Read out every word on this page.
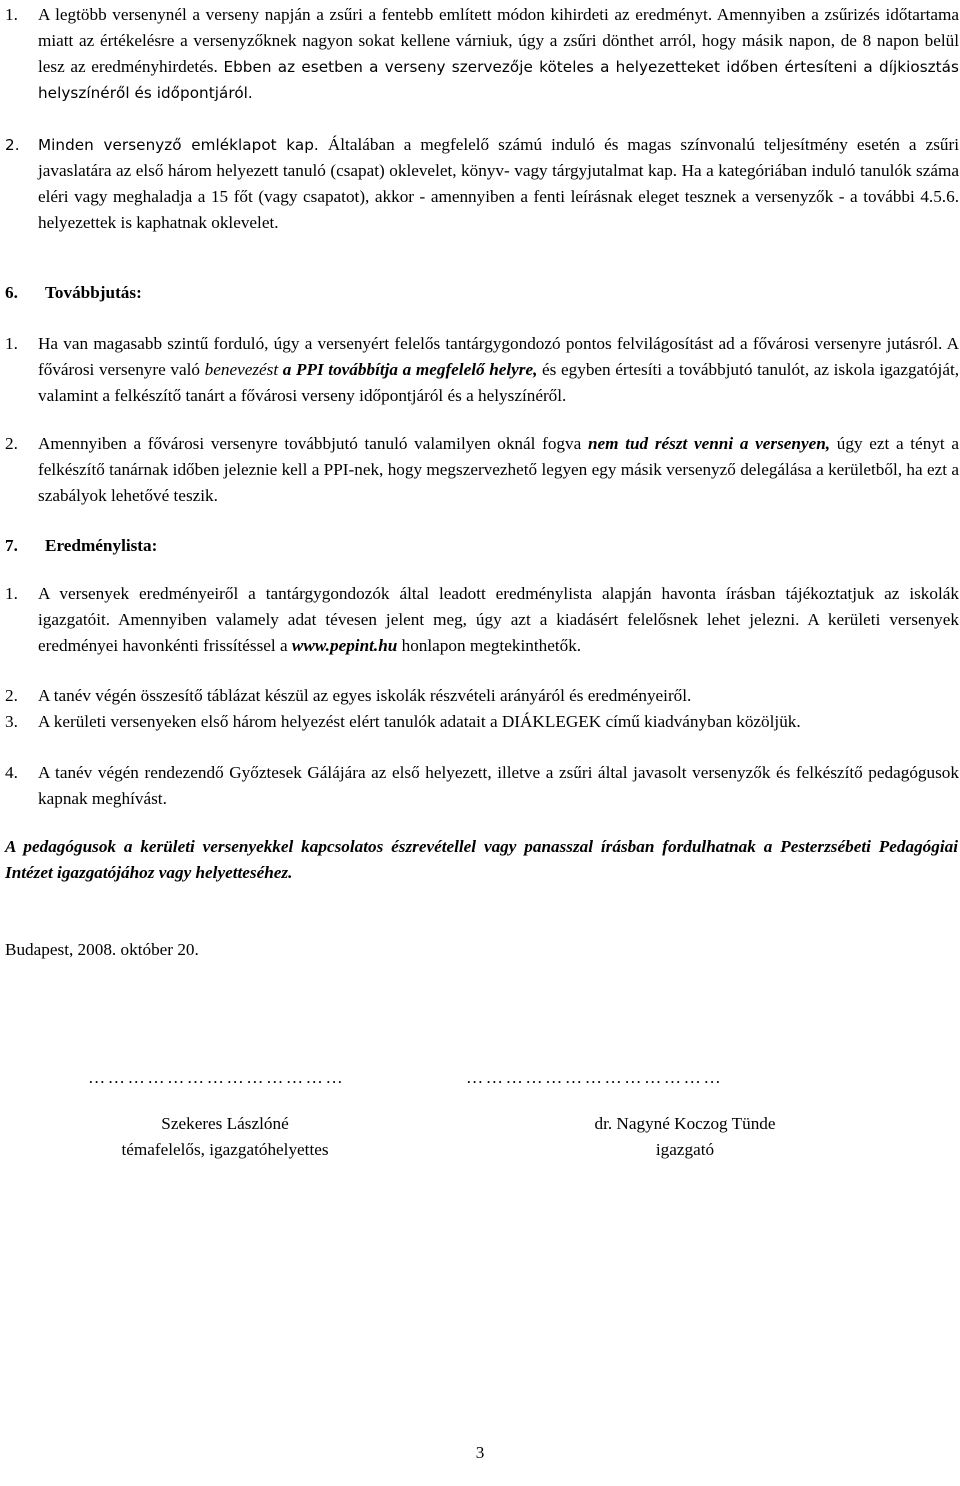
1. A legtöbb versenynél a verseny napján a zsűri a fentebb említett módon kihirdeti az eredményt. Amennyiben a zsűrizés időtartama miatt az értékelésre a versenyzőknek nagyon sokat kellene várniuk, úgy a zsűri dönthet arról, hogy másik napon, de 8 napon belül lesz az eredményhirdetés. Ebben az esetben a verseny szervezője köteles a helyezetteket időben értesíteni a díjkiosztás helyszínéről és időpontjáról.
2. Minden versenyző emléklapot kap. Általában a megfelelő számú induló és magas színvonalú teljesítmény esetén a zsűri javaslatára az első három helyezett tanuló (csapat) oklevelet, könyv- vagy tárgyjutalmat kap. Ha a kategóriában induló tanulók száma eléri vagy meghaladja a 15 főt (vagy csapatot), akkor - amennyiben a fenti leírásnak eleget tesznek a versenyzők - a további 4.5.6. helyezettek is kaphatnak oklevelet.
6. Továbbjutás:
1. Ha van magasabb szintű forduló, úgy a versenyért felelős tantárgygondozó pontos felvilágosítást ad a fővárosi versenyre jutásról. A fővárosi versenyre való benevezést a PPI továbbítja a megfelelő helyre, és egyben értesíti a továbbjutó tanulót, az iskola igazgatóját, valamint a felkészítő tanárt a fővárosi verseny időpontjáról és a helyszínéről.
2. Amennyiben a fővárosi versenyre továbbjutó tanuló valamilyen oknál fogva nem tud részt venni a versenyen, úgy ezt a tényt a felkészítő tanárnak időben jeleznie kell a PPI-nek, hogy megszervezhető legyen egy másik versenyző delegálása a kerületből, ha ezt a szabályok lehetővé teszik.
7. Eredménylista:
1. A versenyek eredményeiről a tantárgygondozók által leadott eredménylista alapján havonta írásban tájékoztatjuk az iskolák igazgatóit. Amennyiben valamely adat tévesen jelent meg, úgy azt a kiadásért felelősnek lehet jelezni. A kerületi versenyek eredményei havonkénti frissítéssel a www.pepint.hu honlapon megtekinthetők.
2. A tanév végén összesítő táblázat készül az egyes iskolák részvételi arányáról és eredményeiről.
3. A kerületi versenyeken első három helyezést elért tanulók adatait a DIÁKLEGEK című kiadványban közöljük.
4. A tanév végén rendezendő Győztesek Gálájára az első helyezett, illetve a zsűri által javasolt versenyzők és felkészítő pedagógusok kapnak meghívást.
A pedagógusok a kerületi versenyekkel kapcsolatos észrevétellel vagy panasszal írásban fordulhatnak a Pesterzsébeti Pedagógiai Intézet igazgatójához vagy helyetteséhez.
Budapest, 2008. október 20.
…………………………………	…………………………………
Szekeres Lászlóné
témafelelős, igazgatóhelyettes
dr. Nagyné Koczog Tünde
igazgató
3
